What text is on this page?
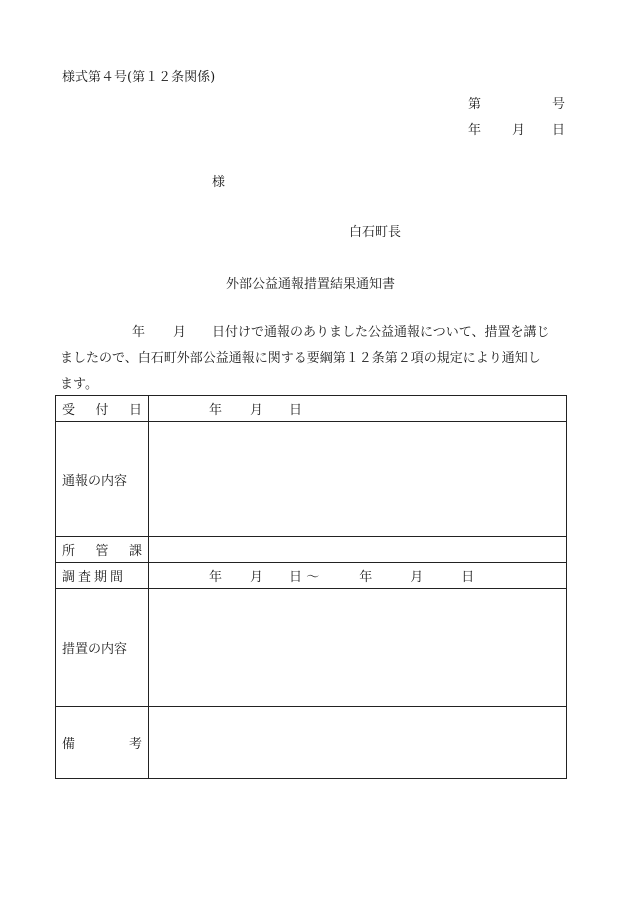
様式第４号(第１２条関係)
第	号
年 月 日
様
白石町長
外部公益通報措置結果通知書
年 月 日付けで通報のありました公益通報について、措置を講じ
ましたので、白石町外部公益通報に関する要綱第１２条第２項の規定により通知し
ます。
受 付 日	年 月 日
通報の内容	

所 管 課	

調査期間	年 月 日 ～ 年 月 日
措置の内容	

備 考	
